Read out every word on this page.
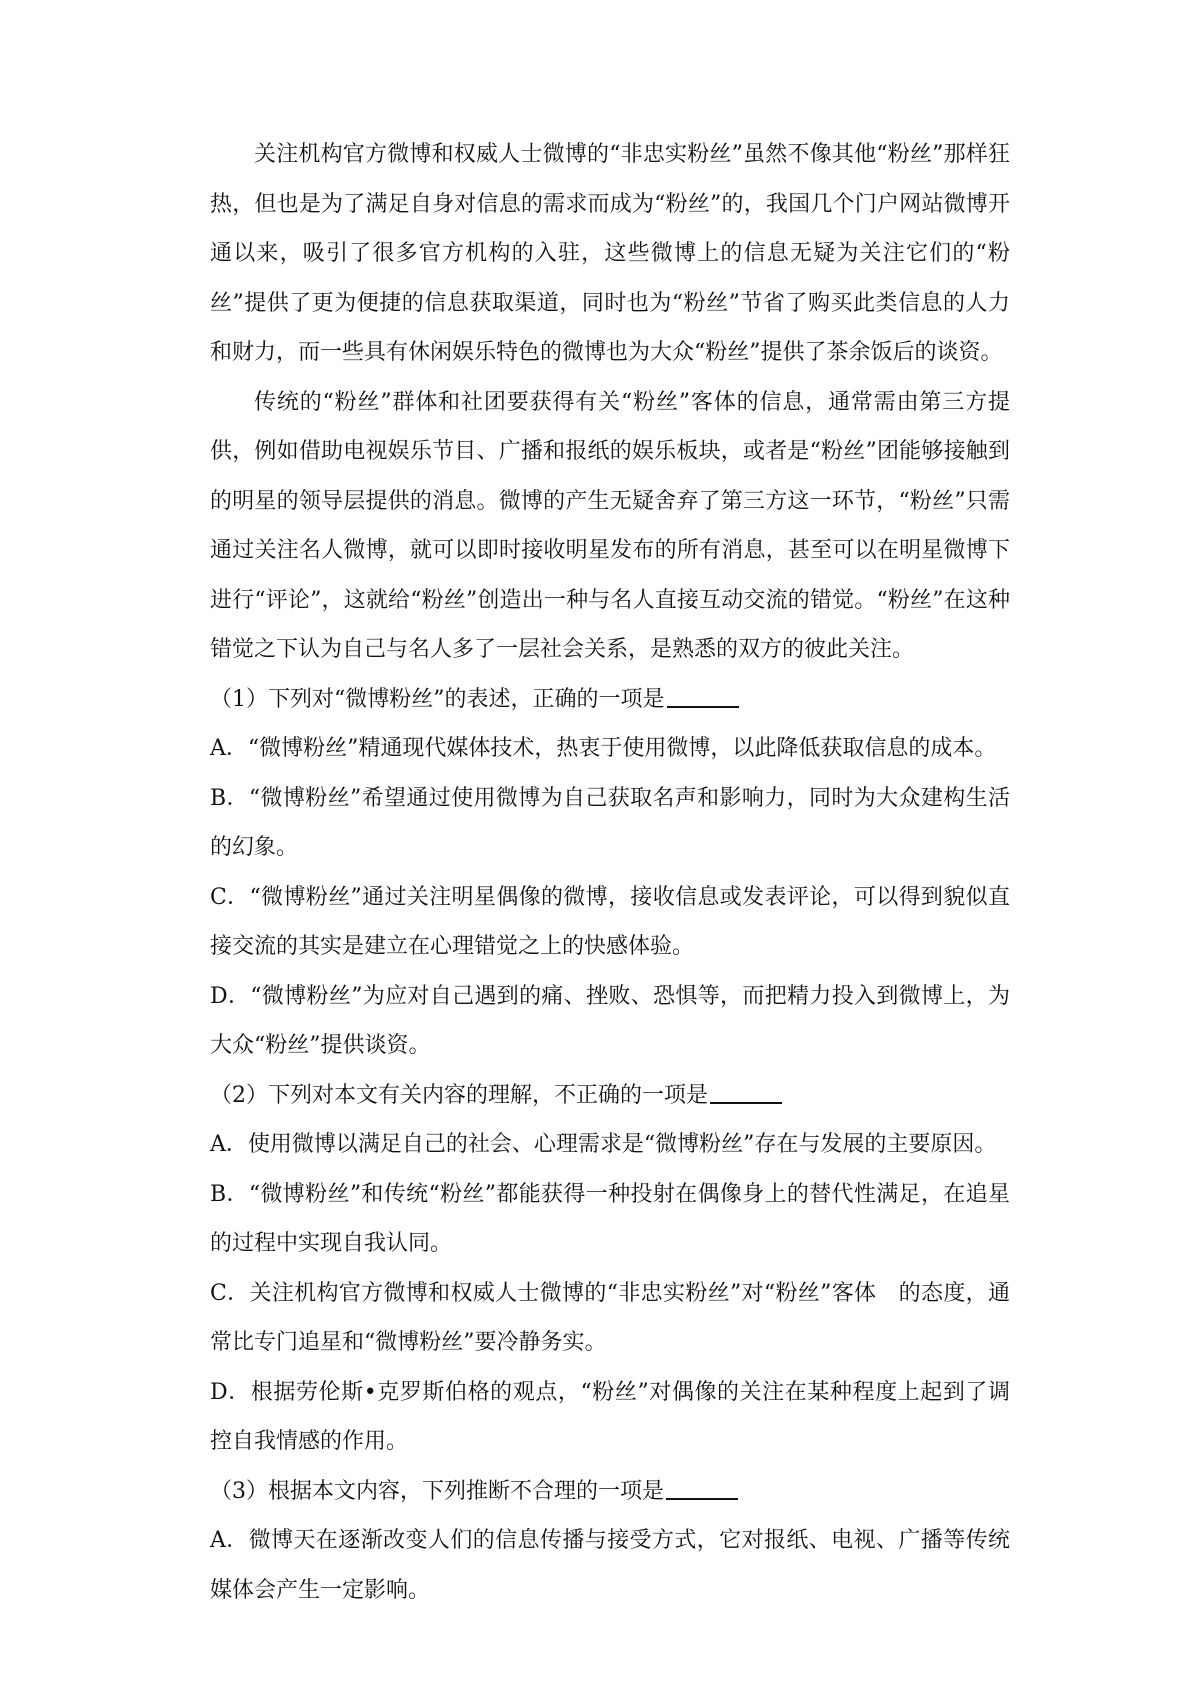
关注机构官方微博和权威人士微博的“非忠实粉丝”虽然不像其他“粉丝”那样狂热，但也是为了满足自身对信息的需求而成为“粉丝”的，我国几个门户网站微博开通以来，吸引了很多官方机构的入驻，这些微博上的信息无疑为关注它们的“粉丝”提供了更为便捷的信息获取渠道，同时也为“粉丝”节省了购买此类信息的人力和财力，而一些具有休闲娱乐特色的微博也为大众“粉丝”提供了茶余饭后的谈资。

传统的“粉丝”群体和社团要获得有关“粉丝”客体的信息，通常需由第三方提供，例如借助电视娱乐节目、广播和报纸的娱乐板块，或者是“粉丝”团能够接触到的明星的领导层提供的消息。微博的产生无疑舍弃了第三方这一环节，“粉丝”只需通过关注名人微博，就可以即时接收明星发布的所有消息，甚至可以在明星微博下进行“评论”，这就给“粉丝”创造出一种与名人直接互动交流的错觉。“粉丝”在这种错觉之下认为自己与名人多了一层社会关系，是熟悉的双方的彼此关注。

（1）下列对“微博粉丝”的表述，正确的一项是

A．“微博粉丝”精通现代媒体技术，热衷于使用微博，以此降低获取信息的成本。

B．“微博粉丝”希望通过使用微博为自己获取名声和影响力，同时为大众建构生活的幻象。

C．“微博粉丝”通过关注明星偶像的微博，接收信息或发表评论，可以得到貌似直接交流的其实是建立在心理错觉之上的快感体验。

D．“微博粉丝”为应对自己遇到的痛、挫败、恐惧等，而把精力投入到微博上，为大众“粉丝”提供谈资。

（2）下列对本文有关内容的理解，不正确的一项是

A．使用微博以满足自己的社会、心理需求是“微博粉丝”存在与发展的主要原因。

B．“微博粉丝”和传统“粉丝”都能获得一种投射在偶像身上的替代性满足，在追星的过程中实现自我认同。

C．关注机构官方微博和权威人士微博的“非忠实粉丝”对“粉丝”客体　的态度，通常比专门追星和“微博粉丝”要冷静务实。

D．根据劳伦斯•克罗斯伯格的观点，“粉丝”对偶像的关注在某种程度上起到了调控自我情感的作用。

（3）根据本文内容，下列推断不合理的一项是

A．微博天在逐渐改变人们的信息传播与接受方式，它对报纸、电视、广播等传统媒体会产生一定影响。
